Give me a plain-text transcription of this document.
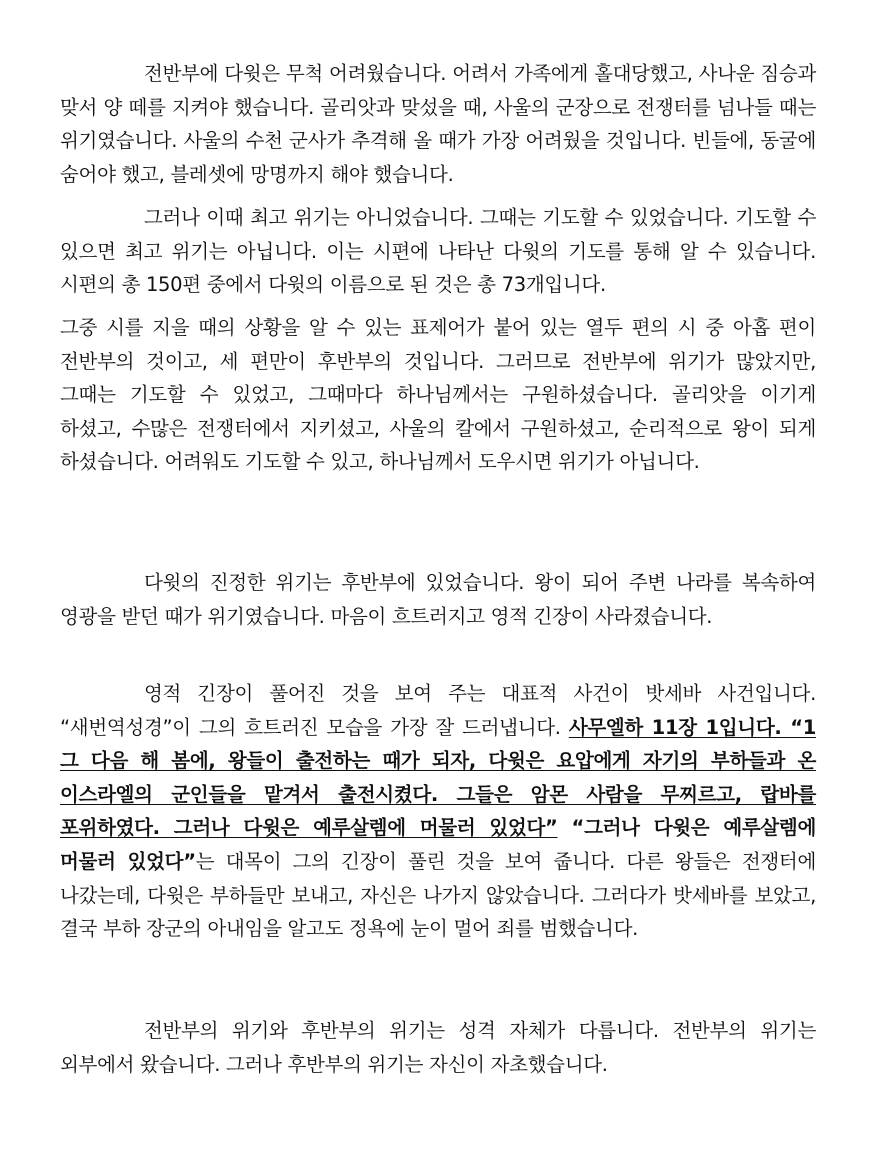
전반부에 다윗은 무척 어려웠습니다. 어려서 가족에게 홀대당했고, 사나운 짐승과 맞서 양 떼를 지켜야 했습니다. 골리앗과 맞섰을 때, 사울의 군장으로 전쟁터를 넘나들 때는 위기였습니다. 사울의 수천 군사가 추격해 올 때가 가장 어려웠을 것입니다. 빈들에, 동굴에 숨어야 했고, 블레셋에 망명까지 해야 했습니다.

그러나 이때 최고 위기는 아니었습니다. 그때는 기도할 수 있었습니다. 기도할 수 있으면 최고 위기는 아닙니다. 이는 시편에 나타난 다윗의 기도를 통해 알 수 있습니다. 시편의 총 150편 중에서 다윗의 이름으로 된 것은 총 73개입니다.

그중 시를 지을 때의 상황을 알 수 있는 표제어가 붙어 있는 열두 편의 시 중 아홉 편이 전반부의 것이고, 세 편만이 후반부의 것입니다. 그러므로 전반부에 위기가 많았지만, 그때는 기도할 수 있었고, 그때마다 하나님께서는 구원하셨습니다. 골리앗을 이기게 하셨고, 수많은 전쟁터에서 지키셨고, 사울의 칼에서 구원하셨고, 순리적으로 왕이 되게 하셨습니다. 어려워도 기도할 수 있고, 하나님께서 도우시면 위기가 아닙니다.

다윗의 진정한 위기는 후반부에 있었습니다. 왕이 되어 주변 나라를 복속하여 영광을 받던 때가 위기였습니다. 마음이 흐트러지고 영적 긴장이 사라졌습니다.

영적 긴장이 풀어진 것을 보여 주는 대표적 사건이 밧세바 사건입니다. “새번역성경”이 그의 흐트러진 모습을 가장 잘 드러냅니다. 사무엘하 11장 1입니다. “1 그 다음 해 봄에, 왕들이 출전하는 때가 되자, 다윗은 요압에게 자기의 부하들과 온 이스라엘의 군인들을 맡겨서 출전시켰다. 그들은 암몬 사람을 무찌르고, 랍바를 포위하였다. 그러나 다윗은 예루살렘에 머물러 있었다” “그러나 다윗은 예루살렘에 머물러 있었다”는 대목이 그의 긴장이 풀린 것을 보여 줍니다. 다른 왕들은 전쟁터에 나갔는데, 다윗은 부하들만 보내고, 자신은 나가지 않았습니다. 그러다가 밧세바를 보았고, 결국 부하 장군의 아내임을 알고도 정욕에 눈이 멀어 죄를 범했습니다.

전반부의 위기와 후반부의 위기는 성격 자체가 다릅니다. 전반부의 위기는 외부에서 왔습니다. 그러나 후반부의 위기는 자신이 자초했습니다.
